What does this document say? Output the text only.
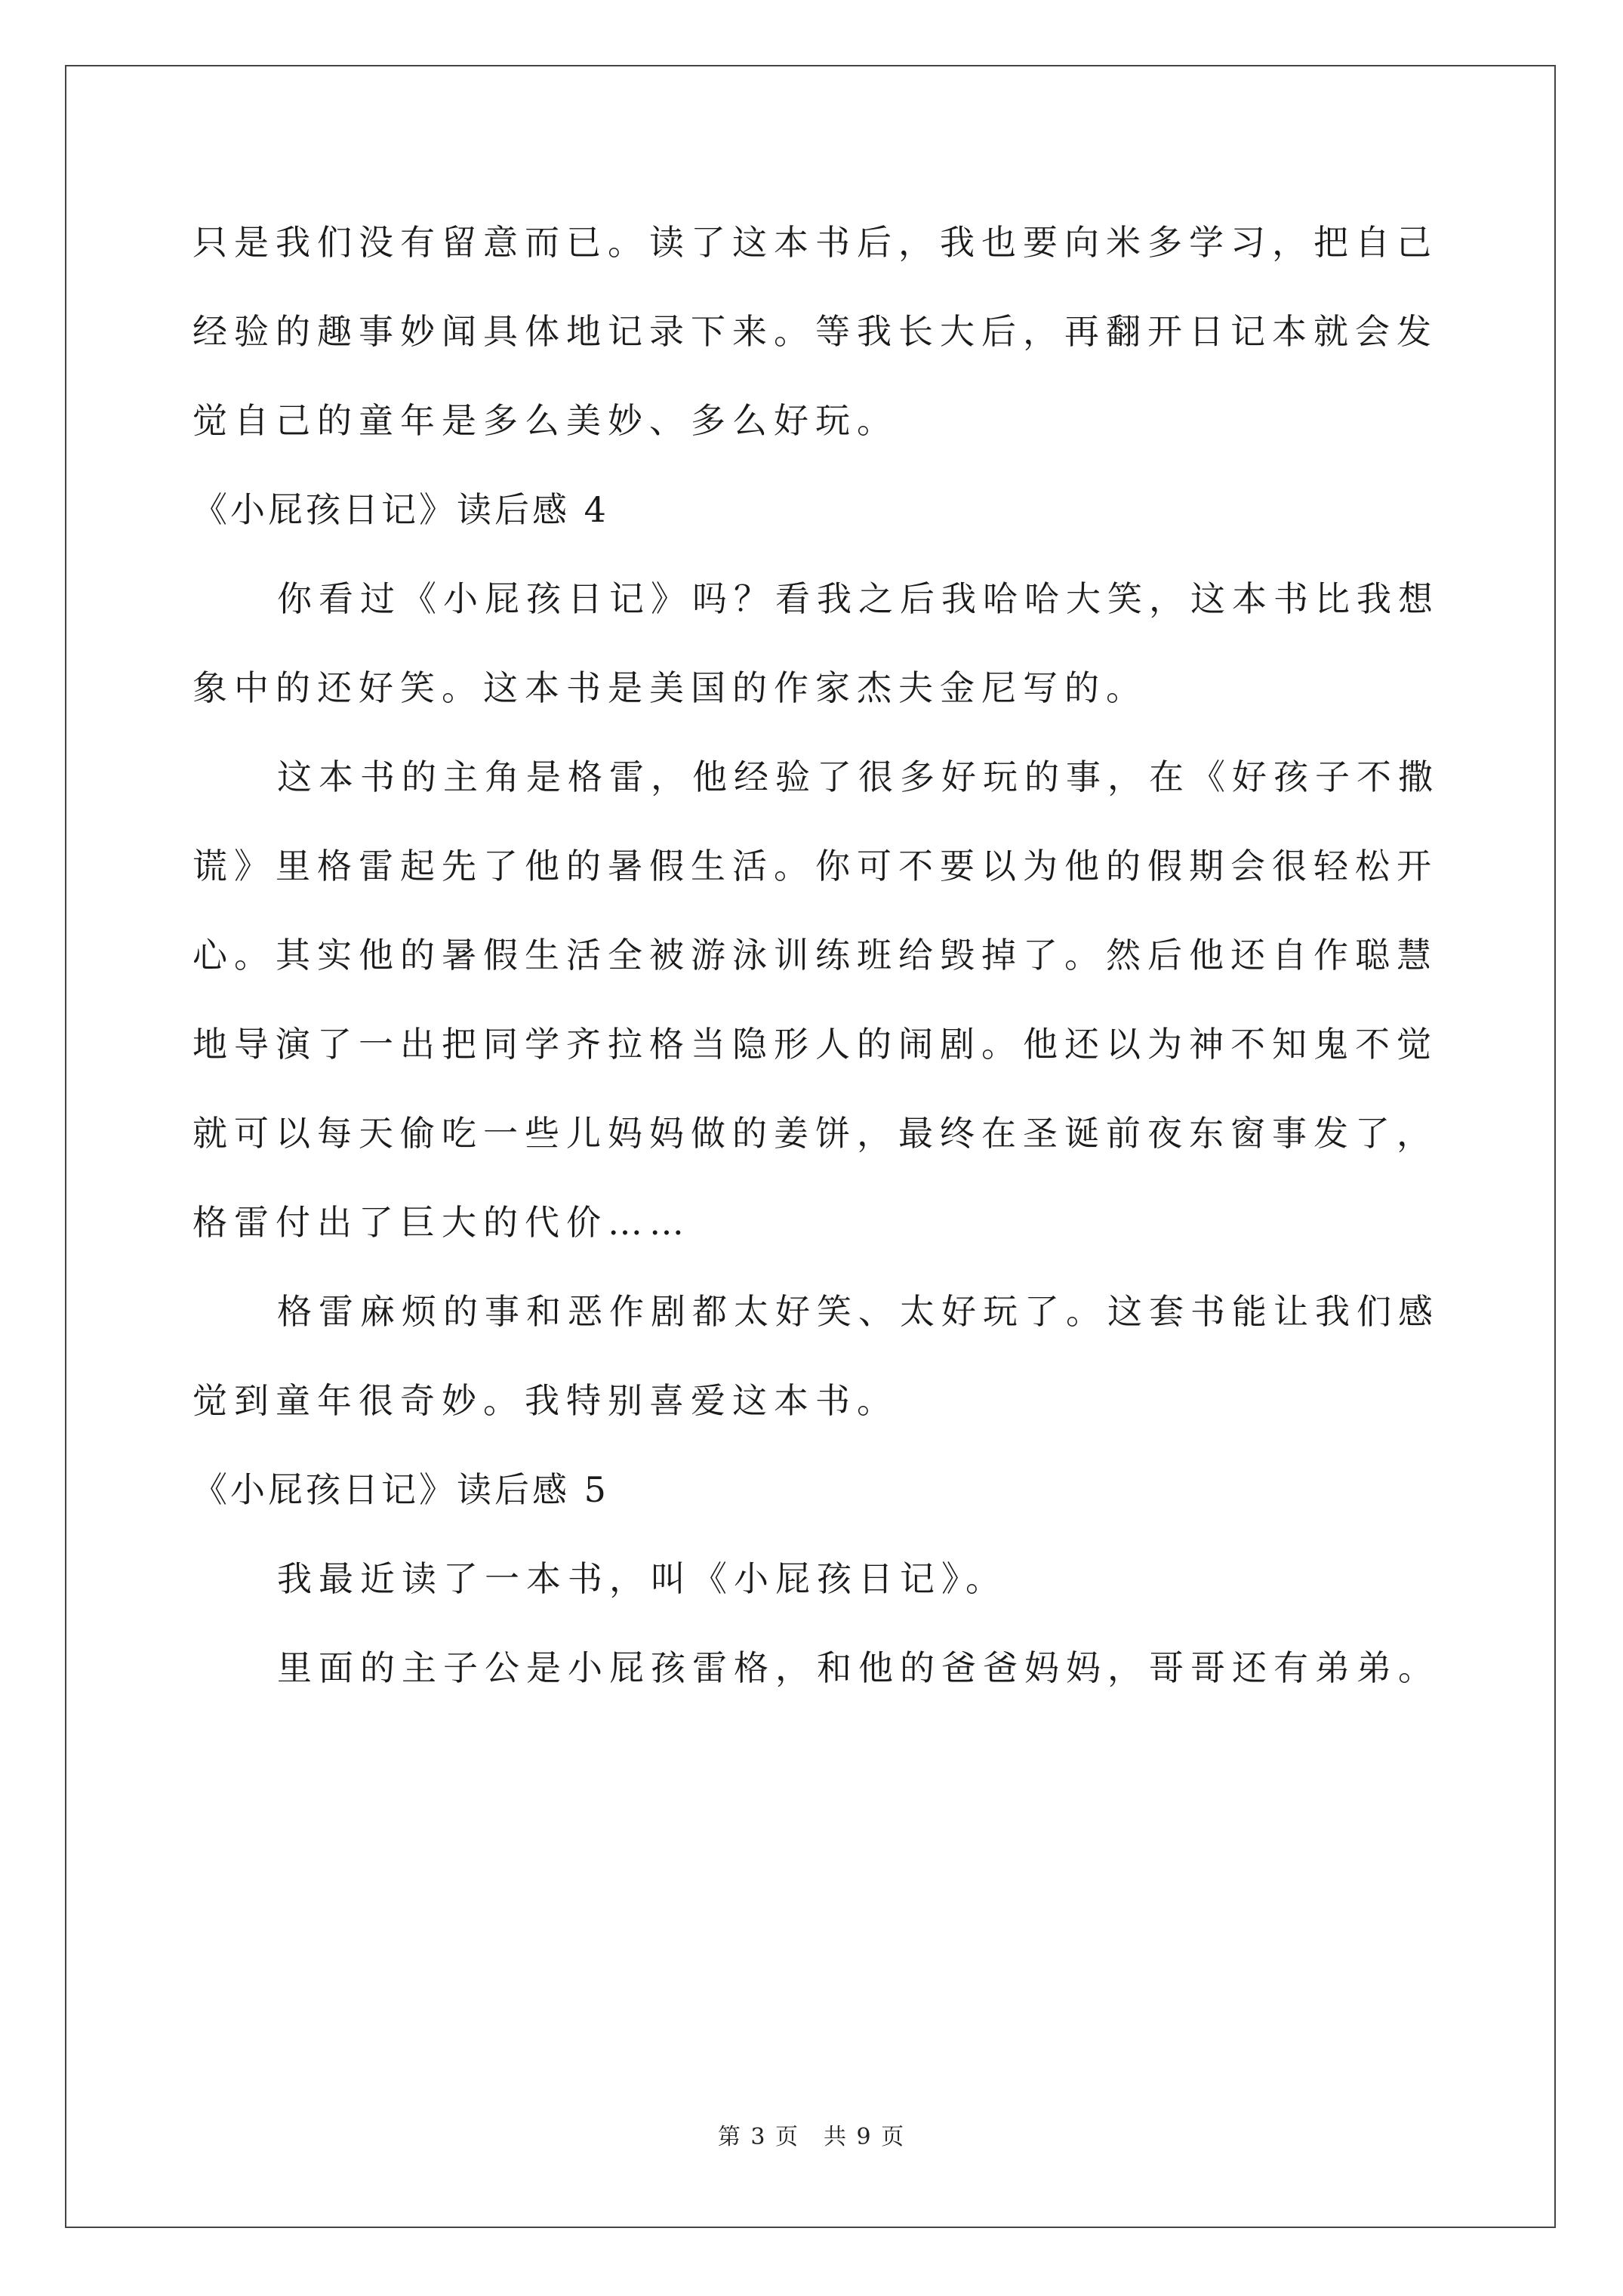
只是我们没有留意而已。读了这本书后，我也要向米多学习，把自己

经验的趣事妙闻具体地记录下来。等我长大后，再翻开日记本就会发

觉自己的童年是多么美妙、多么好玩。

《小屁孩日记》读后感 4

你看过《小屁孩日记》吗？看我之后我哈哈大笑，这本书比我想

象中的还好笑。这本书是美国的作家杰夫金尼写的。

这本书的主角是格雷，他经验了很多好玩的事，在《好孩子不撒

谎》里格雷起先了他的暑假生活。你可不要以为他的假期会很轻松开

心。其实他的暑假生活全被游泳训练班给毁掉了。然后他还自作聪慧

地导演了一出把同学齐拉格当隐形人的闹剧。他还以为神不知鬼不觉

就可以每天偷吃一些儿妈妈做的姜饼，最终在圣诞前夜东窗事发了，

格雷付出了巨大的代价……

格雷麻烦的事和恶作剧都太好笑、太好玩了。这套书能让我们感

觉到童年很奇妙。我特别喜爱这本书。

《小屁孩日记》读后感 5

我最近读了一本书，叫《小屁孩日记》。

里面的主子公是小屁孩雷格，和他的爸爸妈妈，哥哥还有弟弟。

第 3 页　共 9 页
